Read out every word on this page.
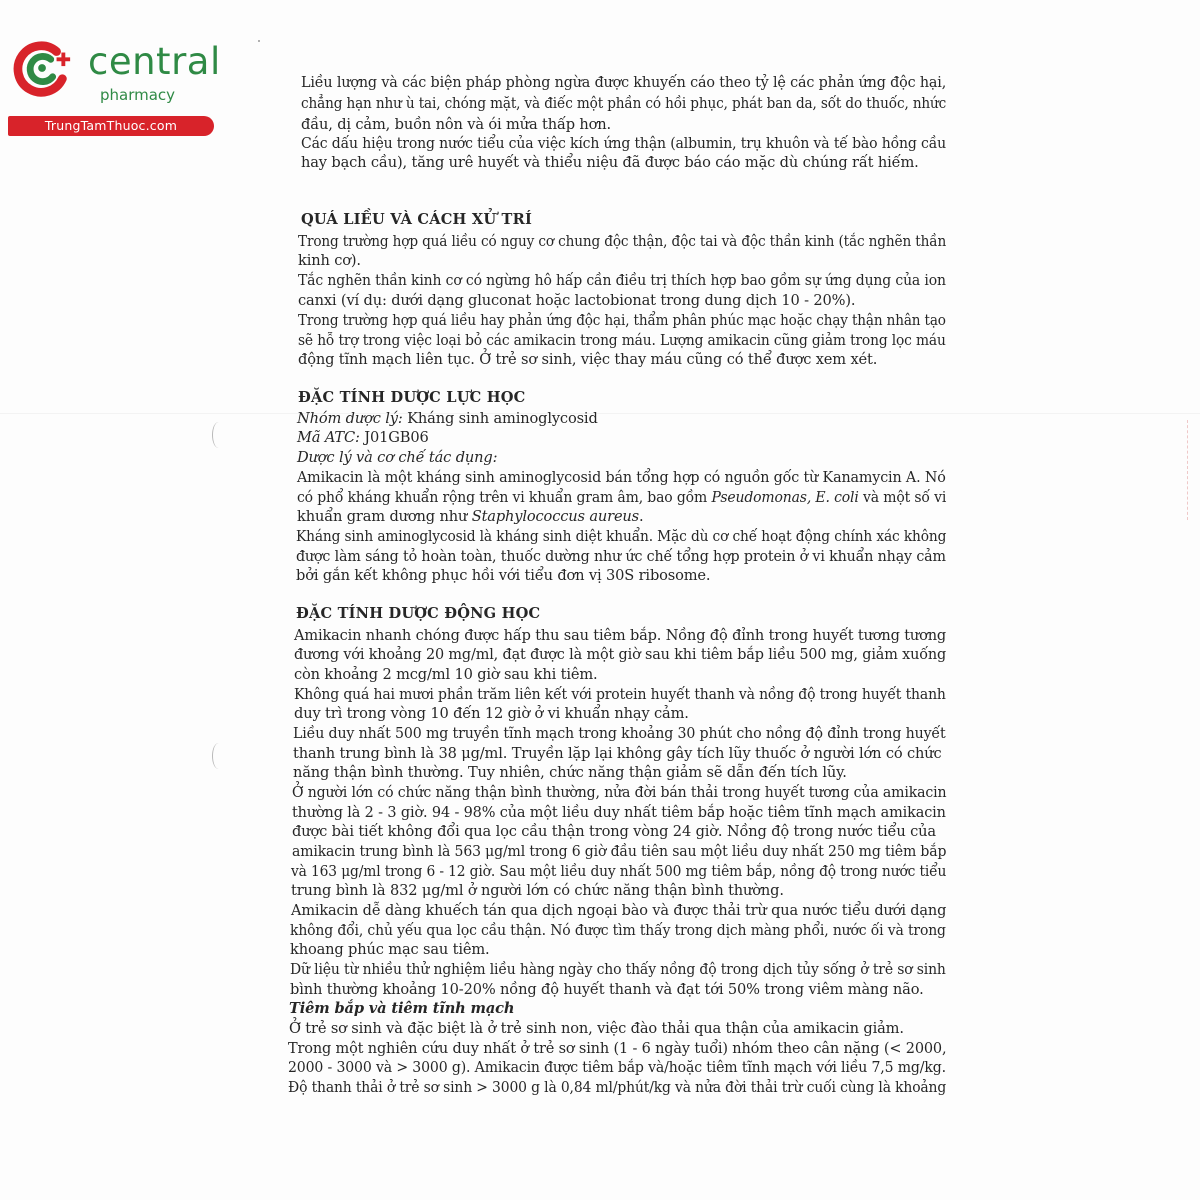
central
pharmacy
TrungTamThuoc.com
Liều lượng và các biện pháp phòng ngừa được khuyến cáo theo tỷ lệ các phản ứng độc hại,
chẳng hạn như ù tai, chóng mặt, và điếc một phần có hồi phục, phát ban da, sốt do thuốc, nhức
đầu, dị cảm, buồn nôn và ói mửa thấp hơn.
Các dấu hiệu trong nước tiểu của việc kích ứng thận (albumin, trụ khuôn và tế bào hồng cầu
hay bạch cầu), tăng urê huyết và thiểu niệu đã được báo cáo mặc dù chúng rất hiếm.
QUÁ LIỀU VÀ CÁCH XỬ TRÍ
Trong trường hợp quá liều có nguy cơ chung độc thận, độc tai và độc thần kinh (tắc nghẽn thần
kinh cơ).
Tắc nghẽn thần kinh cơ có ngừng hô hấp cần điều trị thích hợp bao gồm sự ứng dụng của ion
canxi (ví dụ: dưới dạng gluconat hoặc lactobionat trong dung dịch 10 - 20%).
Trong trường hợp quá liều hay phản ứng độc hại, thẩm phân phúc mạc hoặc chạy thận nhân tạo
sẽ hỗ trợ trong việc loại bỏ các amikacin trong máu. Lượng amikacin cũng giảm trong lọc máu
động tĩnh mạch liên tục. Ở trẻ sơ sinh, việc thay máu cũng có thể được xem xét.
ĐẶC TÍNH DƯỢC LỰC HỌC
Nhóm dược lý: Kháng sinh aminoglycosid
Mã ATC: J01GB06
Dược lý và cơ chế tác dụng:
Amikacin là một kháng sinh aminoglycosid bán tổng hợp có nguồn gốc từ Kanamycin A. Nó
có phổ kháng khuẩn rộng trên vi khuẩn gram âm, bao gồm Pseudomonas, E. coli và một số vi
khuẩn gram dương như Staphylococcus aureus.
Kháng sinh aminoglycosid là kháng sinh diệt khuẩn. Mặc dù cơ chế hoạt động chính xác không
được làm sáng tỏ hoàn toàn, thuốc dường như ức chế tổng hợp protein ở vi khuẩn nhạy cảm
bởi gắn kết không phục hồi với tiểu đơn vị 30S ribosome.
ĐẶC TÍNH DƯỢC ĐỘNG HỌC
Amikacin nhanh chóng được hấp thu sau tiêm bắp. Nồng độ đỉnh trong huyết tương tương
đương với khoảng 20 mg/ml, đạt được là một giờ sau khi tiêm bắp liều 500 mg, giảm xuống
còn khoảng 2 mcg/ml 10 giờ sau khi tiêm.
Không quá hai mươi phần trăm liên kết với protein huyết thanh và nồng độ trong huyết thanh
duy trì trong vòng 10 đến 12 giờ ở vi khuẩn nhạy cảm.
Liều duy nhất 500 mg truyền tĩnh mạch trong khoảng 30 phút cho nồng độ đỉnh trong huyết
thanh trung bình là 38 μg/ml. Truyền lặp lại không gây tích lũy thuốc ở người lớn có chức
năng thận bình thường. Tuy nhiên, chức năng thận giảm sẽ dẫn đến tích lũy.
Ở người lớn có chức năng thận bình thường, nửa đời bán thải trong huyết tương của amikacin
thường là 2 - 3 giờ. 94 - 98% của một liều duy nhất tiêm bắp hoặc tiêm tĩnh mạch amikacin
được bài tiết không đổi qua lọc cầu thận trong vòng 24 giờ. Nồng độ trong nước tiểu của
amikacin trung bình là 563 μg/ml trong 6 giờ đầu tiên sau một liều duy nhất 250 mg tiêm bắp
và 163 μg/ml trong 6 - 12 giờ. Sau một liều duy nhất 500 mg tiêm bắp, nồng độ trong nước tiểu
trung bình là 832 μg/ml ở người lớn có chức năng thận bình thường.
Amikacin dễ dàng khuếch tán qua dịch ngoại bào và được thải trừ qua nước tiểu dưới dạng
không đổi, chủ yếu qua lọc cầu thận. Nó được tìm thấy trong dịch màng phổi, nước ối và trong
khoang phúc mạc sau tiêm.
Dữ liệu từ nhiều thử nghiệm liều hàng ngày cho thấy nồng độ trong dịch tủy sống ở trẻ sơ sinh
bình thường khoảng 10-20% nồng độ huyết thanh và đạt tới 50% trong viêm màng não.
Tiêm bắp và tiêm tĩnh mạch
Ở trẻ sơ sinh và đặc biệt là ở trẻ sinh non, việc đào thải qua thận của amikacin giảm.
Trong một nghiên cứu duy nhất ở trẻ sơ sinh (1 - 6 ngày tuổi) nhóm theo cân nặng (< 2000,
2000 - 3000 và > 3000 g). Amikacin được tiêm bắp và/hoặc tiêm tĩnh mạch với liều 7,5 mg/kg.
Độ thanh thải ở trẻ sơ sinh > 3000 g là 0,84 ml/phút/kg và nửa đời thải trừ cuối cùng là khoảng
